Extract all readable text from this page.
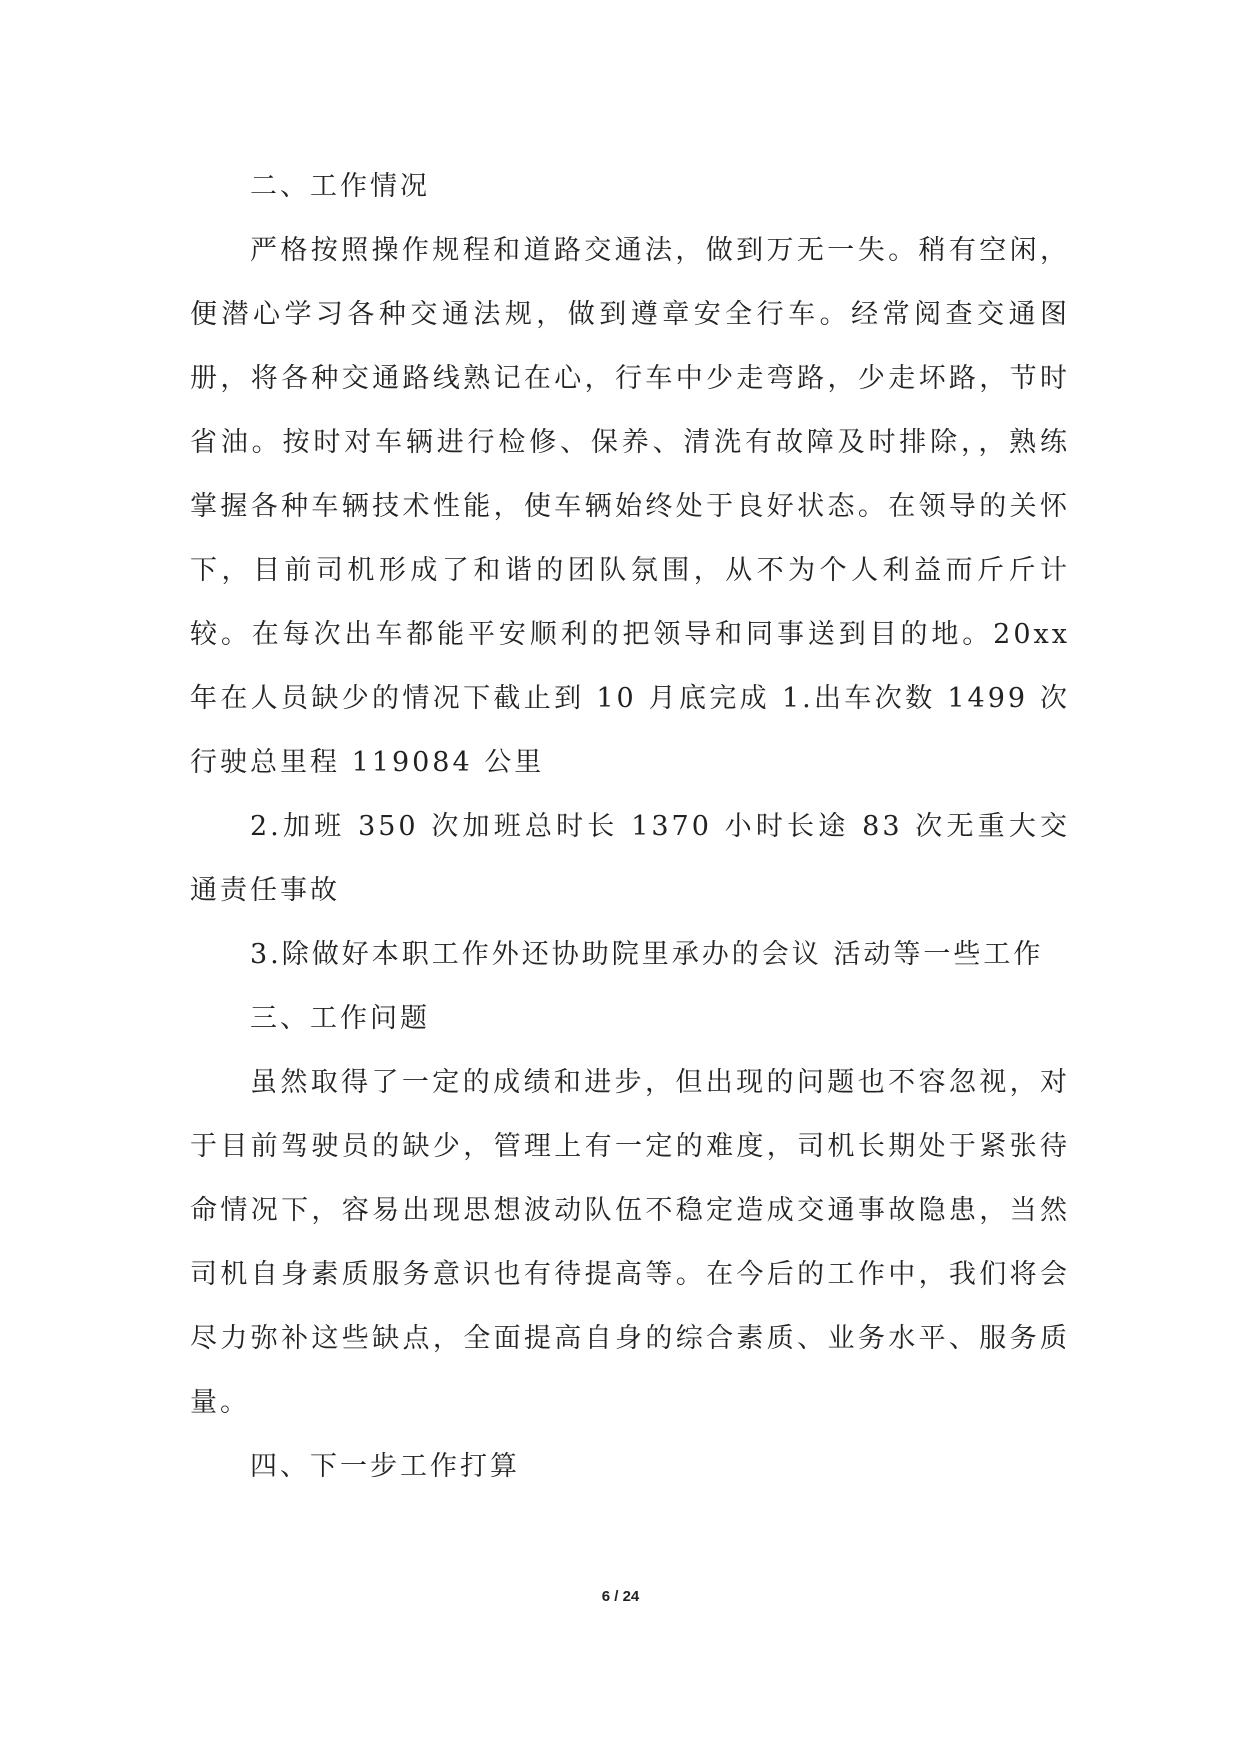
二、工作情况

严格按照操作规程和道路交通法，做到万无一失。稍有空闲，便潜心学习各种交通法规，做到遵章安全行车。经常阅查交通图册，将各种交通路线熟记在心，行车中少走弯路，少走坏路，节时省油。按时对车辆进行检修、保养、清洗有故障及时排除，，熟练掌握各种车辆技术性能，使车辆始终处于良好状态。在领导的关怀下，目前司机形成了和谐的团队氛围，从不为个人利益而斤斤计较。在每次出车都能平安顺利的把领导和同事送到目的地。20xx 年在人员缺少的情况下截止到 10 月底完成 1.出车次数 1499 次行驶总里程 119084 公里

2.加班 350 次加班总时长 1370 小时长途 83 次无重大交通责任事故

3.除做好本职工作外还协助院里承办的会议 活动等一些工作

三、工作问题

虽然取得了一定的成绩和进步，但出现的问题也不容忽视，对于目前驾驶员的缺少，管理上有一定的难度，司机长期处于紧张待命情况下，容易出现思想波动队伍不稳定造成交通事故隐患，当然司机自身素质服务意识也有待提高等。在今后的工作中，我们将会尽力弥补这些缺点，全面提高自身的综合素质、业务水平、服务质量。

四、下一步工作打算

6 / 24
